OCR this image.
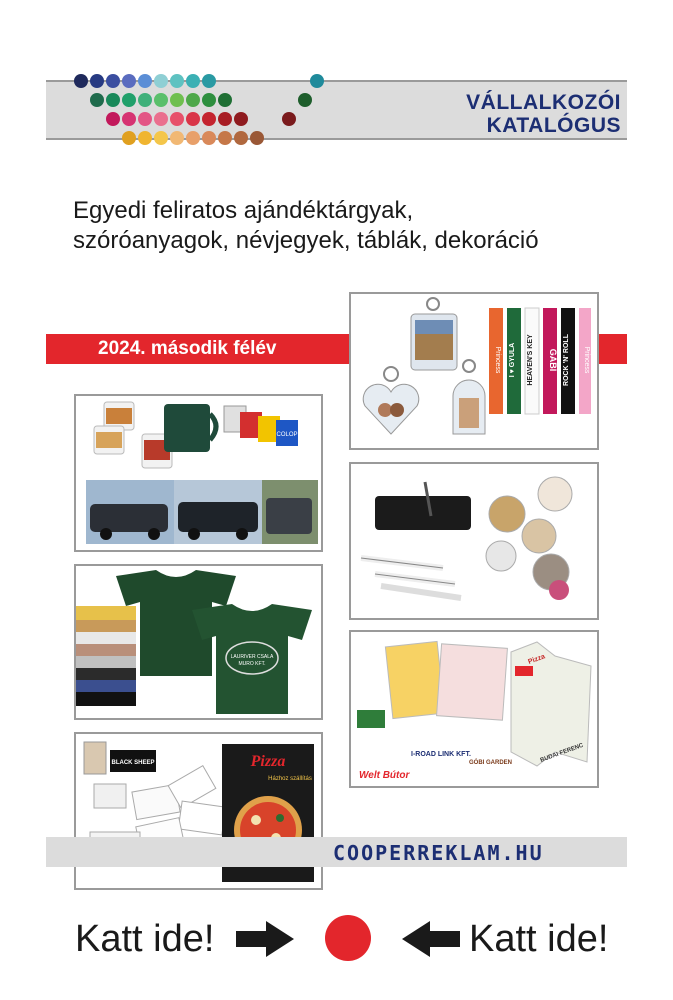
VÁLLALKOZÓI
KATALÓGUS
Egyedi feliratos ajándéktárgyak,
szóróanyagok, névjegyek, táblák, dekoráció
2024. második félév	Princess I ♥ GYULA HEAVEN'S KEY GABI ROCK 'N' ROLL Princess
COLOP
LAURIVER CSALA
MURO KFT.	Pizza
I-ROAD LINK KFT.
GÓBI GARDEN	BUDAI FERENC
Welt Bútor
BLACK SHEEP	Pizza
Házhoz szállítás
COOPERREKLAM.HU
Katt ide!	Katt ide!
